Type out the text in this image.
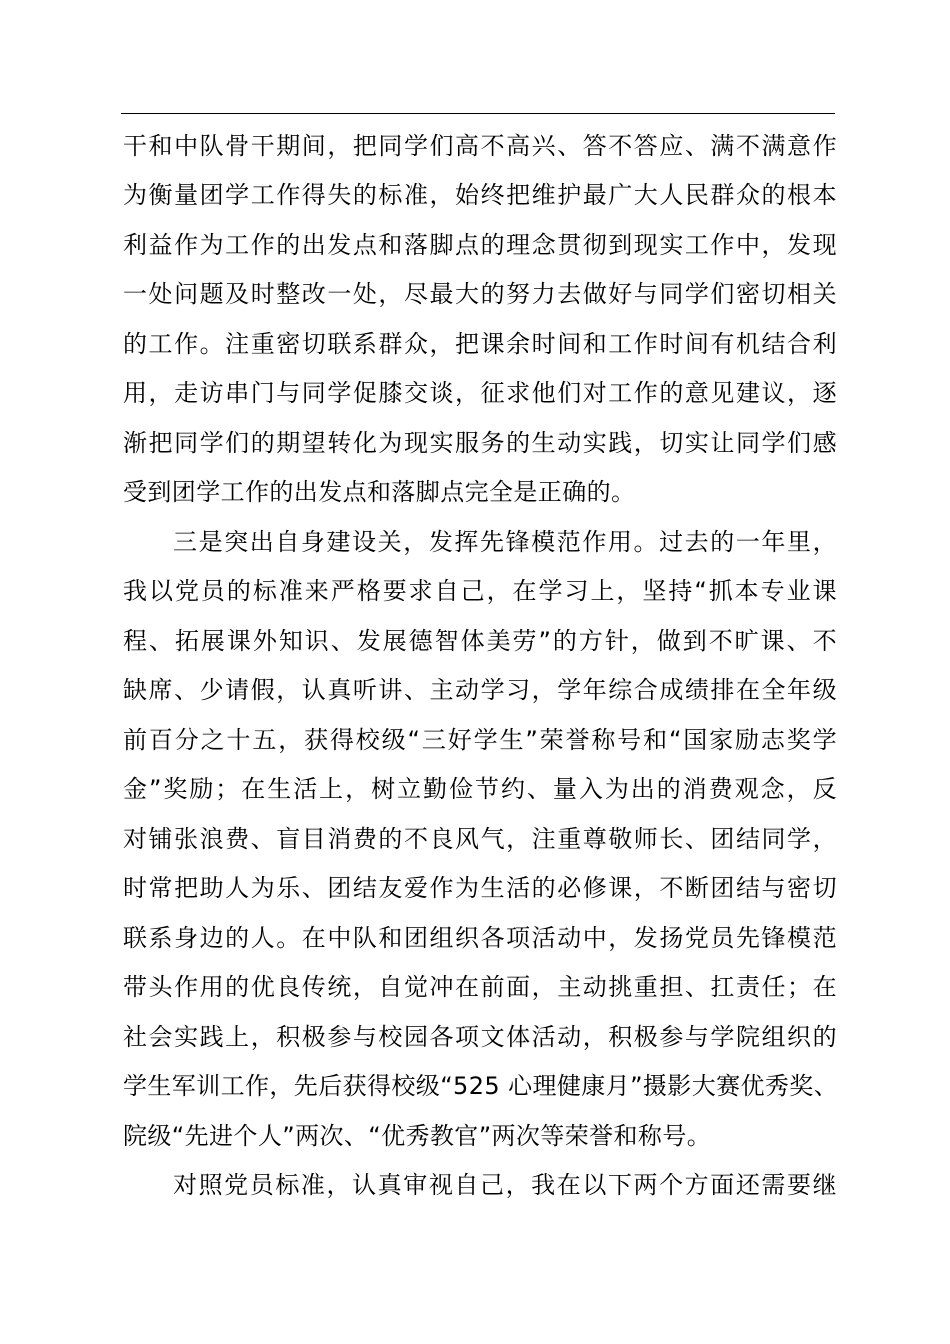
干和中队骨干期间，把同学们高不高兴、答不答应、满不满意作
为衡量团学工作得失的标准，始终把维护最广大人民群众的根本
利益作为工作的出发点和落脚点的理念贯彻到现实工作中，发现
一处问题及时整改一处，尽最大的努力去做好与同学们密切相关
的工作。注重密切联系群众，把课余时间和工作时间有机结合利
用，走访串门与同学促膝交谈，征求他们对工作的意见建议，逐
渐把同学们的期望转化为现实服务的生动实践，切实让同学们感
受到团学工作的出发点和落脚点完全是正确的。
三是突出自身建设关，发挥先锋模范作用。过去的一年里，
我以党员的标准来严格要求自己，在学习上，坚持“抓本专业课
程、拓展课外知识、发展德智体美劳”的方针，做到不旷课、不
缺席、少请假，认真听讲、主动学习，学年综合成绩排在全年级
前百分之十五，获得校级“三好学生”荣誉称号和“国家励志奖学
金”奖励；在生活上，树立勤俭节约、量入为出的消费观念，反
对铺张浪费、盲目消费的不良风气，注重尊敬师长、团结同学，
时常把助人为乐、团结友爱作为生活的必修课，不断团结与密切
联系身边的人。在中队和团组织各项活动中，发扬党员先锋模范
带头作用的优良传统，自觉冲在前面，主动挑重担、扛责任；在
社会实践上，积极参与校园各项文体活动，积极参与学院组织的
学生军训工作，先后获得校级“525 心理健康月”摄影大赛优秀奖、
院级“先进个人”两次、“优秀教官”两次等荣誉和称号。
对照党员标准，认真审视自己，我在以下两个方面还需要继
